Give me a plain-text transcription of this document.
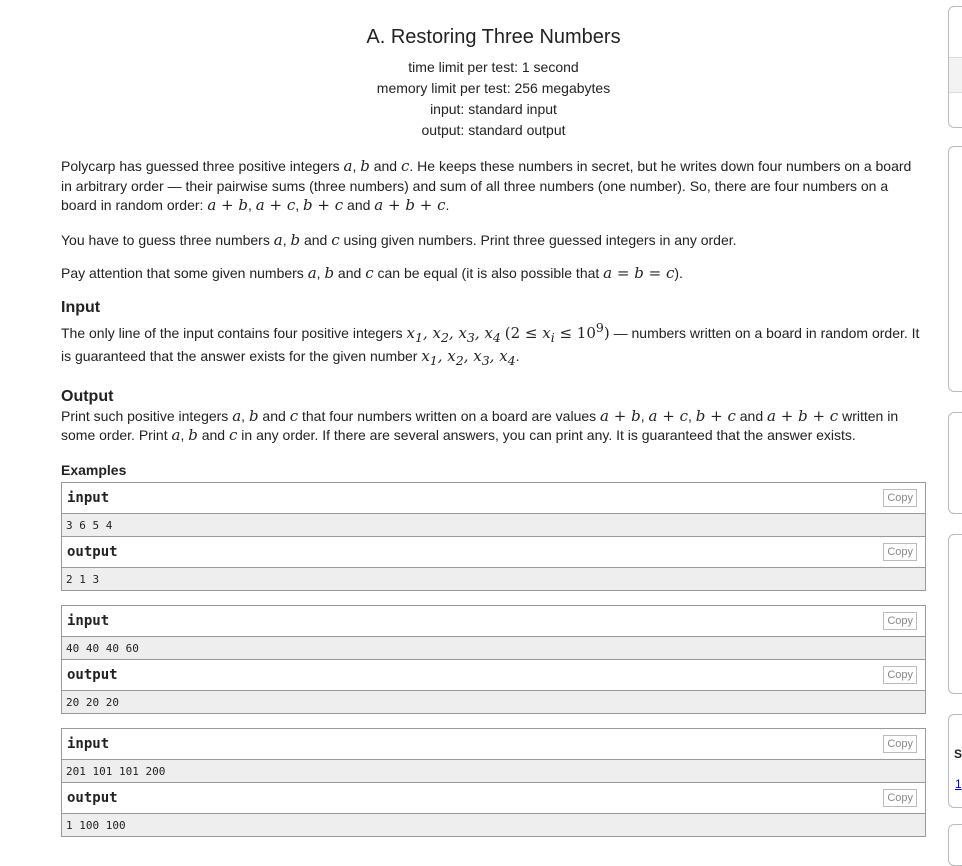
A. Restoring Three Numbers
time limit per test: 1 second
memory limit per test: 256 megabytes
input: standard input
output: standard output

Polycarp has guessed three positive integers a, b and c. He keeps these numbers in secret, but he writes down four numbers on a board in arbitrary order — their pairwise sums (three numbers) and sum of all three numbers (one number). So, there are four numbers on a board in random order: a + b, a + c, b + c and a + b + c.

You have to guess three numbers a, b and c using given numbers. Print three guessed integers in any order.

Pay attention that some given numbers a, b and c can be equal (it is also possible that a = b = c).

Input
The only line of the input contains four positive integers $x_1$, $x_2$, $x_3$, $x_4$ $(2 \le x_i \le 10^9)$ — numbers written on a board in random order. It is guaranteed that the answer exists for the given number $x_1$, $x_2$, $x_3$, $x_4$.
Output
Print such positive integers a, b and c that four numbers written on a board are values a + b, a + c, b + c and a + b + c written in some order. Print a, b and c in any order. If there are several answers, you can print any. It is guaranteed that the answer exists.
Examples
input	Copy
3 6 5 4
output	Copy
2 1 3
input	Copy
40 40 40 60
output	Copy
20 20 20
input	Copy
201 101 101 200
output	Copy
1 100 100
S
1
